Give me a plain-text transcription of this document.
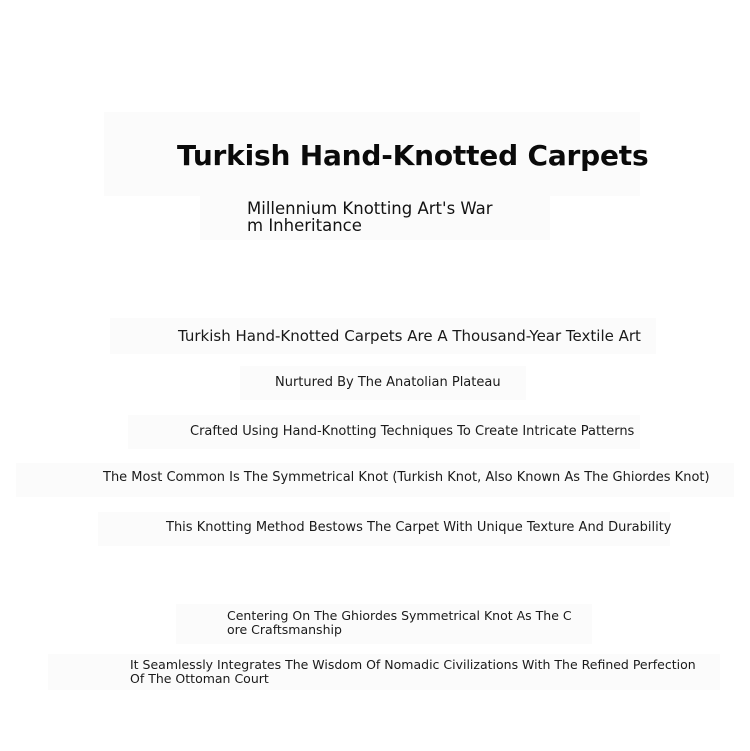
Turkish Hand-Knotted Carpets
Millennium Knotting Art's War
m Inheritance
Turkish Hand-Knotted Carpets Are A Thousand-Year Textile Art
Nurtured By The Anatolian Plateau
Crafted Using Hand-Knotting Techniques To Create Intricate Patterns
The Most Common Is The Symmetrical Knot (Turkish Knot, Also Known As The Ghiordes Knot)
This Knotting Method Bestows The Carpet With Unique Texture And Durability
Centering On The Ghiordes Symmetrical Knot As The C
ore Craftsmanship
It Seamlessly Integrates The Wisdom Of Nomadic Civilizations With The Refined Perfection
Of The Ottoman Court
